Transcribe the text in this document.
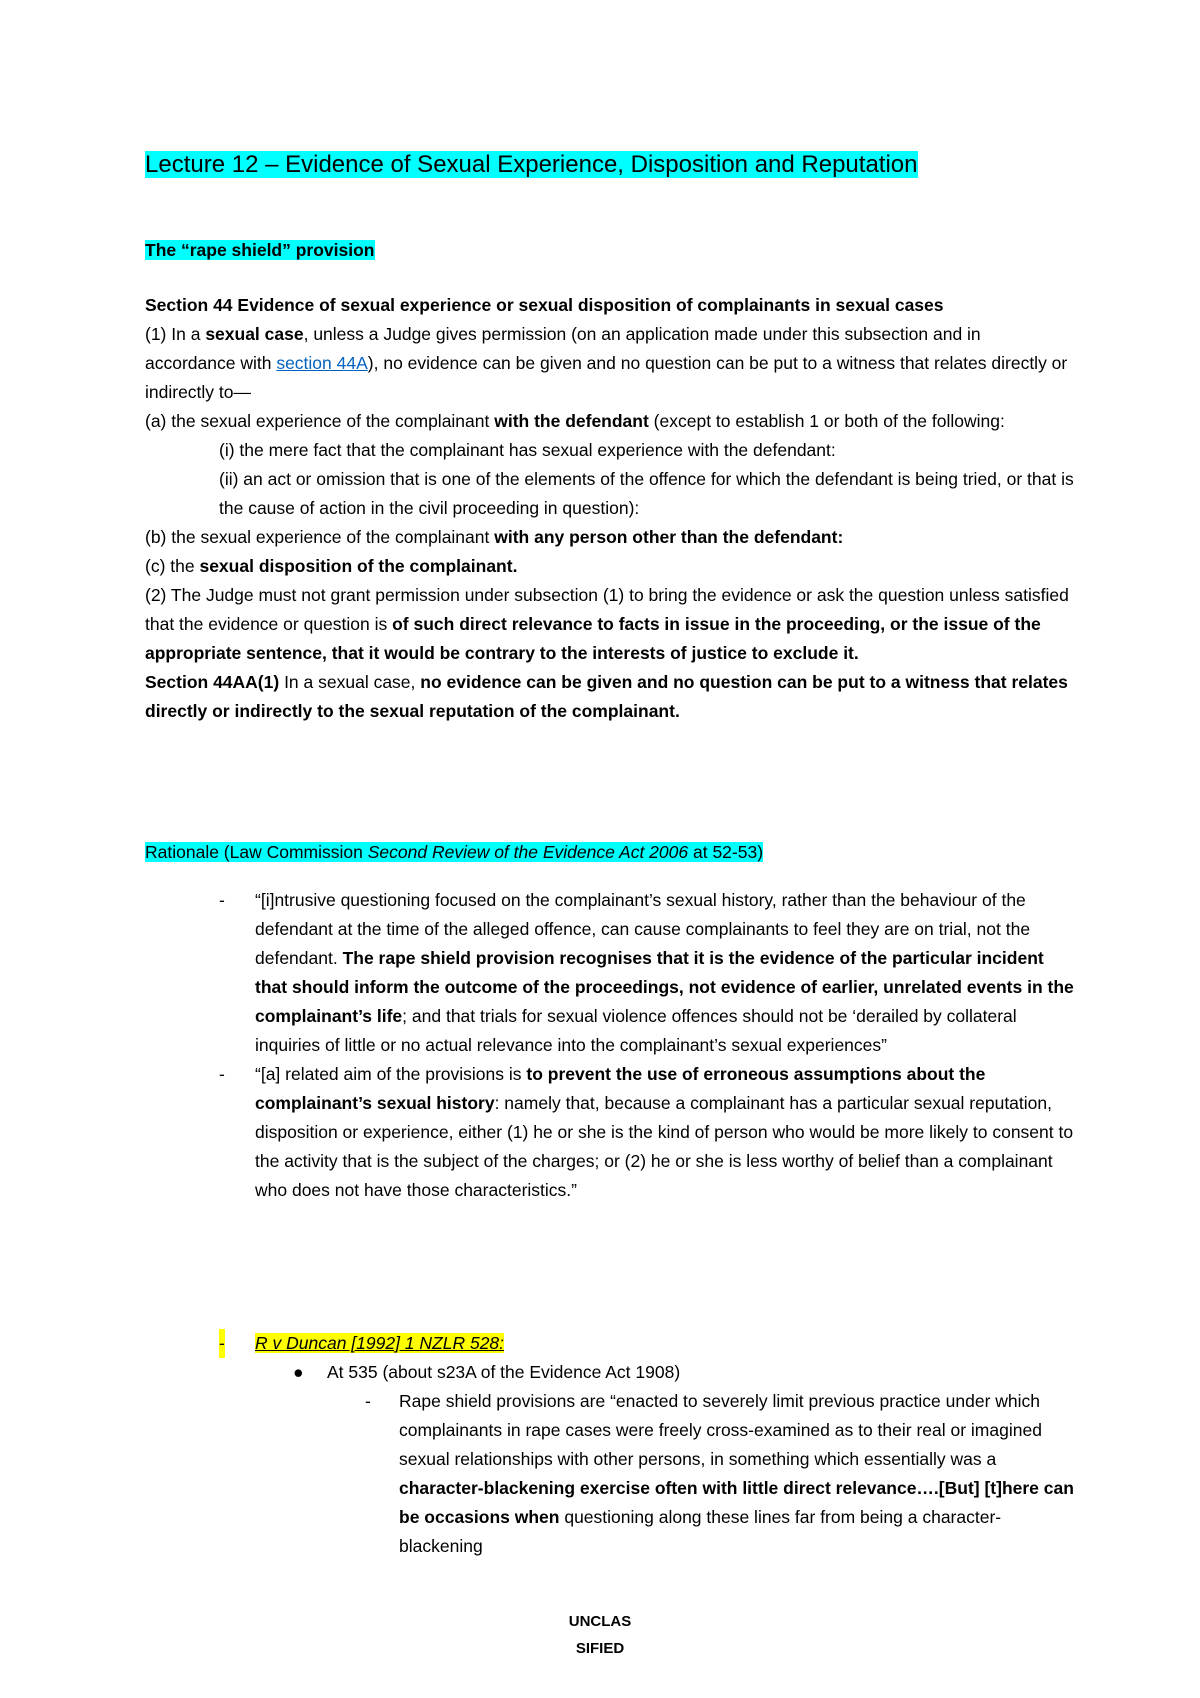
Lecture 12 – Evidence of Sexual Experience, Disposition and Reputation
The “rape shield” provision

Section 44 Evidence of sexual experience or sexual disposition of complainants in sexual cases

(1) In a sexual case, unless a Judge gives permission (on an application made under this subsection and in accordance with section 44A), no evidence can be given and no question can be put to a witness that relates directly or indirectly to—

(a) the sexual experience of the complainant with the defendant (except to establish 1 or both of the following:

(i) the mere fact that the complainant has sexual experience with the defendant:

(ii) an act or omission that is one of the elements of the offence for which the defendant is being tried, or that is the cause of action in the civil proceeding in question):

(b) the sexual experience of the complainant with any person other than the defendant:

(c) the sexual disposition of the complainant.

(2) The Judge must not grant permission under subsection (1) to bring the evidence or ask the question unless satisfied that the evidence or question is of such direct relevance to facts in issue in the proceeding, or the issue of the appropriate sentence, that it would be contrary to the interests of justice to exclude it.

Section 44AA(1) In a sexual case, no evidence can be given and no question can be put to a witness that relates directly or indirectly to the sexual reputation of the complainant.

Rationale (Law Commission Second Review of the Evidence Act 2006 at 52-53)
- “[i]ntrusive questioning focused on the complainant’s sexual history, rather than the behaviour of the defendant at the time of the alleged offence, can cause complainants to feel they are on trial, not the defendant. The rape shield provision recognises that it is the evidence of the particular incident that should inform the outcome of the proceedings, not evidence of earlier, unrelated events in the complainant’s life; and that trials for sexual violence offences should not be ‘derailed by collateral inquiries of little or no actual relevance into the complainant’s sexual experiences”
- “[a] related aim of the provisions is to prevent the use of erroneous assumptions about the complainant’s sexual history: namely that, because a complainant has a particular sexual reputation, disposition or experience, either (1) he or she is the kind of person who would be more likely to consent to the activity that is the subject of the charges; or (2) he or she is less worthy of belief than a complainant who does not have those characteristics.”
- R v Duncan [1992] 1 NZLR 528:
● At 535 (about s23A of the Evidence Act 1908)
- Rape shield provisions are “enacted to severely limit previous practice under which complainants in rape cases were freely cross-examined as to their real or imagined sexual relationships with other persons, in something which essentially was a character-blackening exercise often with little direct relevance….[But] [t]here can be occasions when questioning along these lines far from being a character-blackening
UNCLAS
SIFIED
